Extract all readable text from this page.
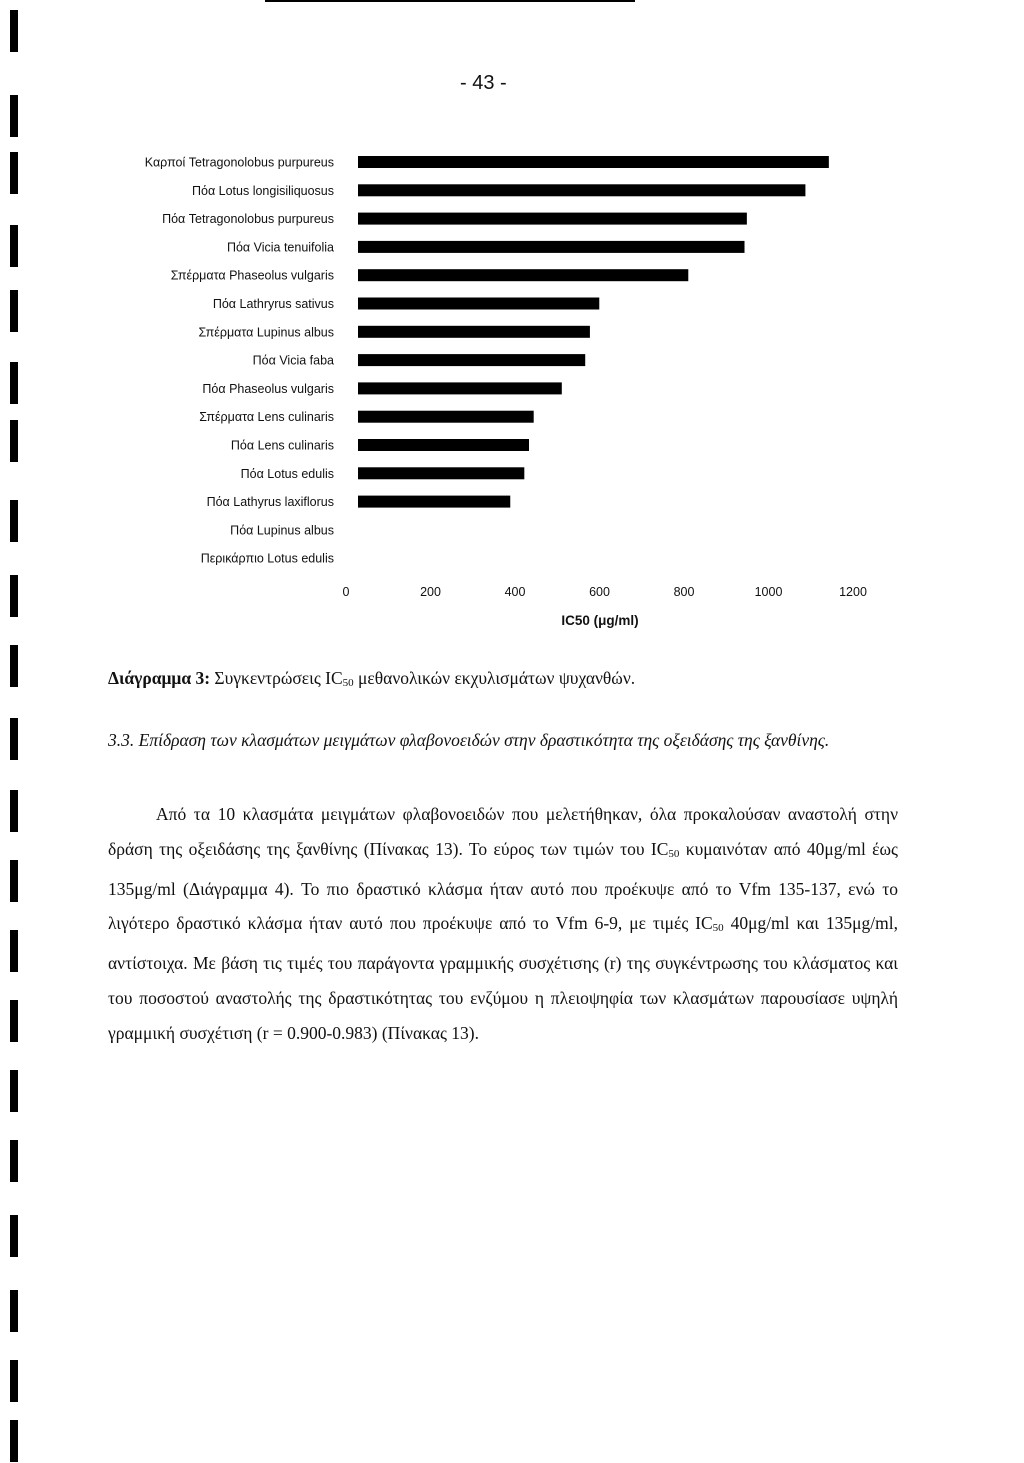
- 43 -
Καρποί Tetragonolobus purpureus
Πόα Lotus longisiliquosus
Πόα Tetragonolobus purpureus
Πόα Vicia tenuifolia
Σπέρματα Phaseolus vulgaris
Πόα Lathryrus sativus
Σπέρματα Lupinus albus
Πόα Vicia faba
Πόα Phaseolus vulgaris
Σπέρματα Lens culinaris
Πόα Lens culinaris
Πόα Lotus edulis
Πόα Lathyrus laxiflorus
Πόα Lupinus albus
Περικάρπιο Lotus edulis
0	200	400	600	800	1000	1200
IC50 (μg/ml)
Διάγραμμα 3: Συγκεντρώσεις $IC_{50}$ μεθανολικών εκχυλισμάτων ψυχανθών.
3.3. Επίδραση των κλασμάτων μειγμάτων φλαβονοειδών στην δραστικότητα της οξειδάσης της ξανθίνης.
Από τα 10 κλασμάτα μειγμάτων φλαβονοειδών που μελετήθηκαν, όλα προκαλούσαν αναστολή στην δράση της οξειδάσης της ξανθίνης (Πίνακας 13). Το εύρος των τιμών του $IC_{50}$ κυμαινόταν από 40μg/ml έως 135μg/ml (Διάγραμμα 4). Το πιο δραστικό κλάσμα ήταν αυτό που προέκυψε από το Vfm 135-137, ενώ το λιγότερο δραστικό κλάσμα ήταν αυτό που προέκυψε από το Vfm 6-9, με τιμές $IC_{50}$ 40μg/ml και 135μg/ml, αντίστοιχα. Με βάση τις τιμές του παράγοντα γραμμικής συσχέτισης (r) της συγκέντρωσης του κλάσματος και του ποσοστού αναστολής της δραστικότητας του ενζύμου η πλειοψηφία των κλασμάτων παρουσίασε υψηλή γραμμική συσχέτιση (r = 0.900-0.983) (Πίνακας 13).
